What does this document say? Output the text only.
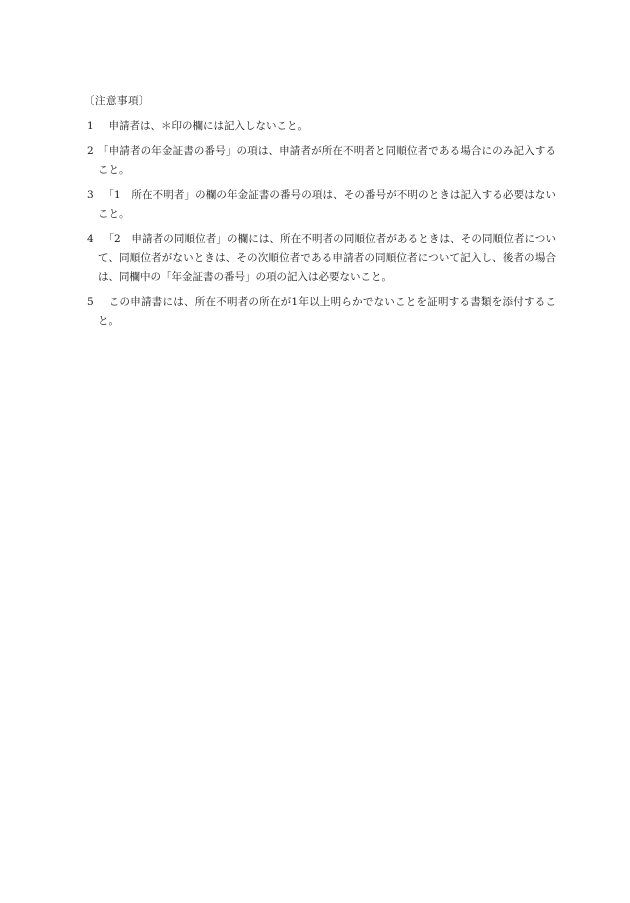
〔注意事項〕
1 　申請者は、＊印の欄には記入しないこと。
2 「申請者の年金証書の番号」の項は、申請者が所在不明者と同順位者である場合にのみ記入すること。
3 　「1　所在不明者」の欄の年金証書の番号の項は、その番号が不明のときは記入する必要はないこと。
4 　「2　申請者の同順位者」の欄には、所在不明者の同順位者があるときは、その同順位者について、同順位者がないときは、その次順位者である申請者の同順位者について記入し、後者の場合は、同欄中の「年金証書の番号」の項の記入は必要ないこと。
5 　この申請書には、所在不明者の所在が1年以上明らかでないことを証明する書類を添付すること。
